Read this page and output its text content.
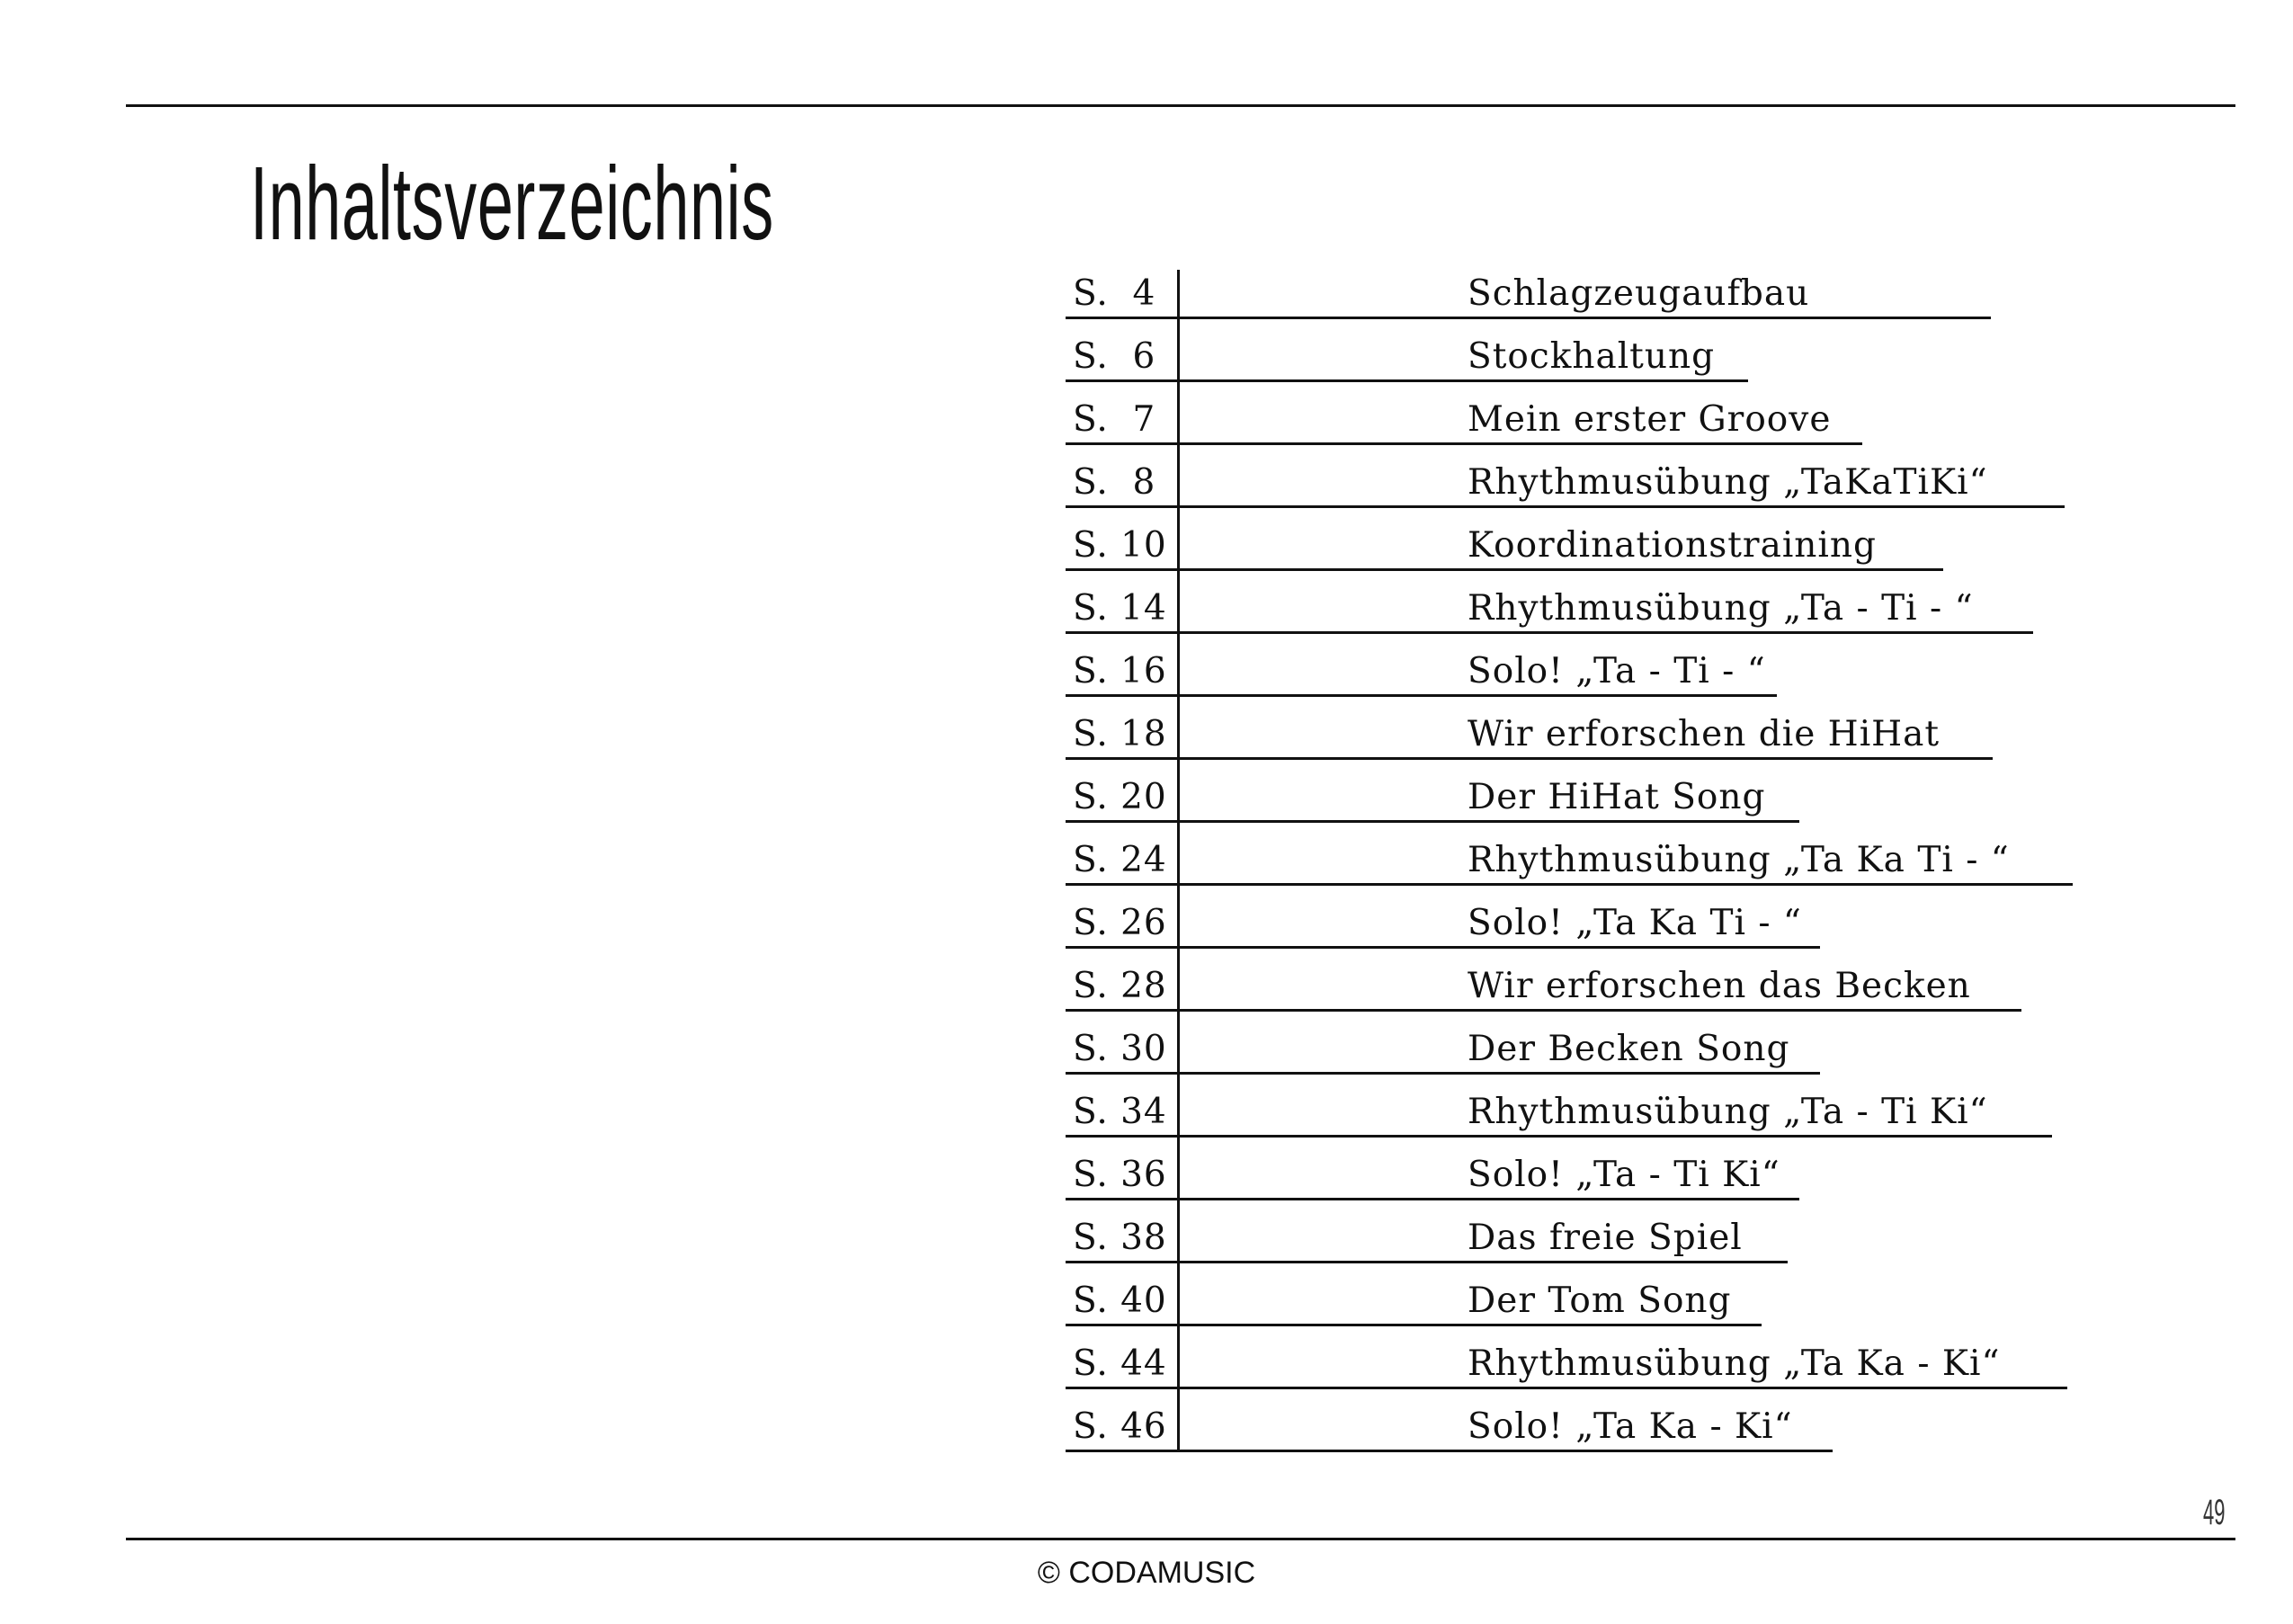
Inhaltsverzeichnis
S.  4	Schlagzeugaufbau
S.  6	Stockhaltung
S.  7	Mein erster Groove
S.  8	Rhythmusübung „TaKaTiKi“
S. 10	Koordinationstraining
S. 14	Rhythmusübung „Ta - Ti - “
S. 16	Solo! „Ta - Ti - “
S. 18	Wir erforschen die HiHat
S. 20	Der HiHat Song
S. 24	Rhythmusübung „Ta Ka Ti - “
S. 26	Solo! „Ta Ka Ti - “
S. 28	Wir erforschen das Becken
S. 30	Der Becken Song
S. 34	Rhythmusübung „Ta - Ti Ki“
S. 36	Solo! „Ta - Ti Ki“
S. 38	Das freie Spiel
S. 40	Der Tom Song
S. 44	Rhythmusübung „Ta Ka - Ki“
S. 46	Solo! „Ta Ka - Ki“
49
© CODAMUSIC
